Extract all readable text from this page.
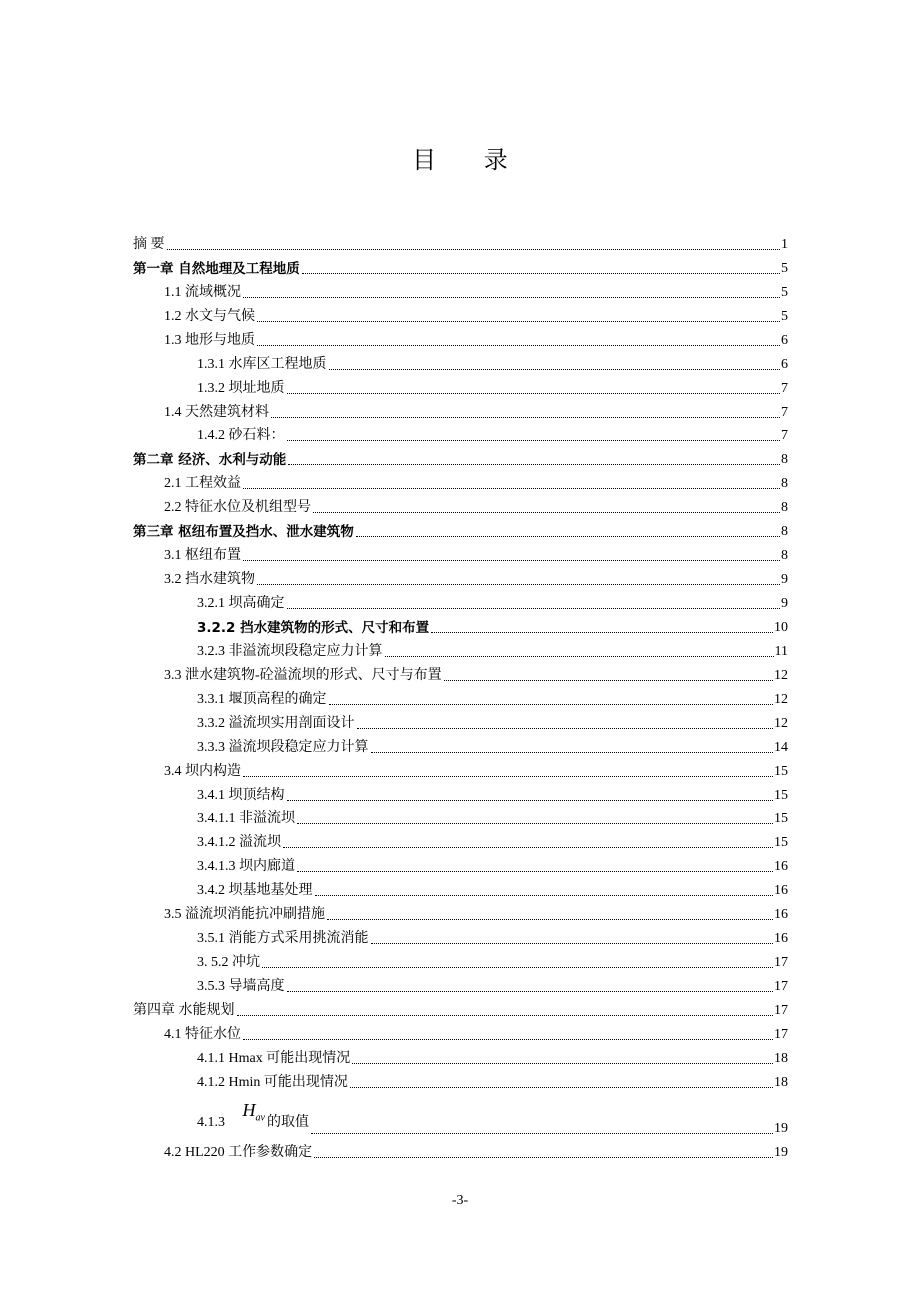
目 录
摘 要	1
第一章 自然地理及工程地质	5
1.1 流域概况	5
1.2 水文与气候	5
1.3 地形与地质	6
1.3.1 水库区工程地质	6
1.3.2 坝址地质	7
1.4 天然建筑材料	7
1.4.2 砂石料：	7
第二章 经济、水利与动能	8
2.1 工程效益	8
2.2 特征水位及机组型号	8
第三章 枢纽布置及挡水、泄水建筑物	8
3.1 枢纽布置	8
3.2 挡水建筑物	9
3.2.1 坝高确定	9
3.2.2 挡水建筑物的形式、尺寸和布置	10
3.2.3 非溢流坝段稳定应力计算	11
3.3 泄水建筑物-砼溢流坝的形式、尺寸与布置	12
3.3.1 堰顶高程的确定	12
3.3.2 溢流坝实用剖面设计	12
3.3.3 溢流坝段稳定应力计算	14
3.4 坝内构造	15
3.4.1 坝顶结构	15
3.4.1.1 非溢流坝	15
3.4.1.2 溢流坝	15
3.4.1.3 坝内廊道	16
3.4.2 坝基地基处理	16
3.5 溢流坝消能抗冲刷措施	16
3.5.1 消能方式采用挑流消能	16
3. 5.2 冲坑	17
3.5.3 导墙高度	17
第四章 水能规划	17
4.1 特征水位	17
4.1.1 Hmax 可能出现情况	18
4.1.2 Hmin 可能出现情况	18
4.1.3     $H_{av}$ 的取值	19
4.2 HL220 工作参数确定	19
-3-
